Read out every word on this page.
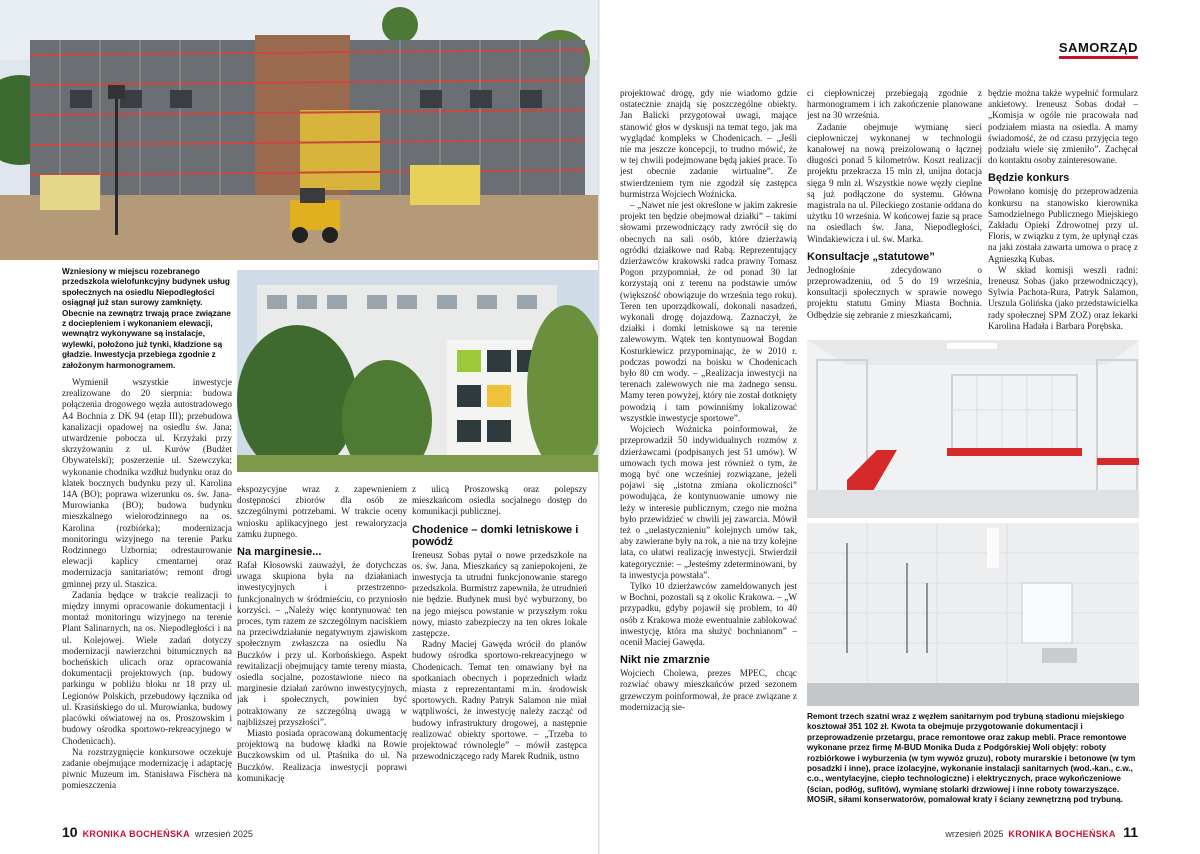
Wzniesiony w miejscu rozebranego przedszkola wielofunkcyjny budynek usług społecznych na osiedlu Niepodległości osiągnął już stan surowy zamknięty. Obecnie na zewnątrz trwają prace związane z dociepleniem i wykonaniem elewacji, wewnątrz wykonywane są instalacje, wylewki, położono już tynki, kładzione są gładzie. Inwestycja przebiega zgodnie z założonym harmonogramem.

Wymienił wszystkie inwestycje zrealizowane do 20 sierpnia: budowa połączenia drogowego węzła autostradowego A4 Bochnia z DK 94 (etap III); przebudowa kanalizacji opadowej na osiedlu św. Jana; utwardzenie pobocza ul. Krzyżaki przy skrzyżowaniu z ul. Kurów (Budżet Obywatelski); poszerzenie ul. Szewczyka; wykonanie chodnika wzdłuż budynku oraz do klatek bocznych budynku przy ul. Karolina 14A (BO); poprawa wizerunku os. św. Jana-Murowianka (BO); budowa budynku mieszkalnego wielorodzinnego na os. Karolina (rozbiórka); modernizacja monitoringu wizyjnego na terenie Parku Rodzinnego Uzbornia; odrestaurowanie elewacji kaplicy cmentarnej oraz modernizacja sanitariatów; remont drogi gminnej przy ul. Staszica.

Zadania będące w trakcie realizacji to między innymi opracowanie dokumentacji i montaż monitoringu wizyjnego na terenie Plant Salinarnych, na os. Niepodległości i na ul. Kolejowej. Wiele zadań dotyczy modernizacji nawierzchni bitumicznych na bocheńskich ulicach oraz opracowania dokumentacji projektowych (np. budowy parkingu w pobliżu bloku nr 18 przy ul. Legionów Polskich, przebudowy łącznika od ul. Krasińskiego do ul. Murowianka, budowy placówki oświatowej na os. Proszowskim i budowy ośrodka sportowo-rekreacyjnego w Chodenicach).

Na rozstrzygnięcie konkursowe oczekuje zadanie obejmujące modernizację i adaptację piwnic Muzeum im. Stanisława Fischera na pomieszczenia

ekspozycyjne wraz z zapewnieniem dostępności zbiorów dla osób ze szczególnymi potrzebami. W trakcie oceny wniosku aplikacyjnego jest rewaloryzacja zamku żupnego.

Na marginesie...

Rafał Kłosowski zauważył, że dotychczas uwaga skupiona była na działaniach inwestycyjnych i przestrzenno-funkcjonalnych w śródmieściu, co przyniosło korzyści. – „Należy więc kontynuować ten proces, tym razem ze szczególnym naciskiem na przeciwdziałanie negatywnym zjawiskom społecznym zwłaszcza na osiedlu Na Buczków i przy ul. Korbońskiego. Aspekt rewitalizacji obejmujący tamte tereny miasta, osiedla socjalne, pozostawione nieco na marginesie działań zarówno inwestycyjnych, jak i społecznych, powinien być potraktowany ze szczególną uwagą w najbliższej przyszłości”.

Miasto posiada opracowaną dokumentację projektową na budowę kładki na Rowie Buczkowskim od ul. Ptaśnika do ul. Na Buczków. Realizacja inwestycji poprawi komunikację

z ulicą Proszowską oraz polepszy mieszkańcom osiedla socjalnego dostęp do komunikacji publicznej.

Chodenice – domki letniskowe i powódź

Ireneusz Sobas pytał o nowe przedszkole na os. św. Jana. Mieszkańcy są zaniepokojeni, że inwestycja ta utrudni funkcjonowanie starego przedszkola. Burmistrz zapewniła, że utrudnień nie będzie. Budynek musi być wyburzony, bo na jego miejscu powstanie w przyszłym roku nowy, miasto zabezpieczy na ten okres lokale zastępcze.

Radny Maciej Gawęda wrócił do planów budowy ośrodka sportowo-rekreacyjnego w Chodenicach. Temat ten omawiany był na spotkaniach obecnych i poprzednich władz miasta z reprezentantami m.in. środowisk sportowych. Radny Patryk Salamon nie miał wątpliwości, że inwestycję należy zacząć od budowy infrastruktury drogowej, a następnie realizować obiekty sportowe. – „Trzeba to projektować równolegle” – mówił zastępca przewodniczącego rady Marek Rudnik, ustno

10 KRONIKA BOCHEŃSKA wrzesień 2025
SAMORZĄD

projektować drogę, gdy nie wiadomo gdzie ostatecznie znajdą się poszczególne obiekty. Jan Balicki przygotował uwagi, mające stanowić głos w dyskusji na temat tego, jak ma wyglądać kompleks w Chodenicach. – „Jeśli nie ma jeszcze koncepcji, to trudno mówić, że w tej chwili podejmowane będą jakieś prace. To jest obecnie zadanie wirtualne”. Ze stwierdzeniem tym nie zgodził się zastępca burmistrza Wojciech Woźnicka.

– „Nawet nie jest określone w jakim zakresie projekt ten będzie obejmował działki” – takimi słowami przewodniczący rady zwrócił się do obecnych na sali osób, które dzierżawią ogródki działkowe nad Rabą. Reprezentujący dzierżawców krakowski radca prawny Tomasz Pogon przypomniał, że od ponad 30 lat korzystają oni z terenu na podstawie umów (większość obowiązuje do września tego roku). Teren ten uporządkowali, dokonali nasadzeń, wykonali drogę dojazdową. Zaznaczył, że działki i domki letniskowe są na terenie zalewowym. Wątek ten kontynuował Bogdan Kosturkiewicz przypominając, że w 2010 r. podczas powodzi na boisku w Chodenicach było 80 cm wody. – „Realizacja inwestycji na terenach zalewowych nie ma żadnego sensu. Mamy teren powyżej, który nie został dotknięty powodzią i tam powinniśmy lokalizować wszystkie inwestycje sportowe”.

Wojciech Woźnicka poinformował, że przeprowadził 50 indywidualnych rozmów z dzierżawcami (podpisanych jest 51 umów). W umowach tych mowa jest również o tym, że mogą być one wcześniej rozwiązane, jeżeli pojawi się „istotna zmiana okoliczności” powodująca, że kontynuowanie umowy nie leży w interesie publicznym, czego nie można było przewidzieć w chwili jej zawarcia. Mówił też o „uelastycznieniu” kolejnych umów tak, aby zawierane były na rok, a nie na trzy kolejne lata, co ułatwi realizację inwestycji. Stwierdził kategorycznie: – „Jesteśmy zdeterminowani, by ta inwestycja powstała”.

Tylko 10 dzierżawców zameldowanych jest w Bochni, pozostali są z okolic Krakowa. – „W przypadku, gdyby pojawił się problem, to 40 osób z Krakowa może ewentualnie zablokować inwestycję, która ma służyć bochnianom” – ocenił Maciej Gawęda.

Nikt nie zmarznie

Wojciech Cholewa, prezes MPEC, chcąc rozwiać obawy mieszkańców przed sezonem grzewczym poinformował, że prace związane z modernizacją sie-

ci ciepłowniczej przebiegają zgodnie z harmonogramem i ich zakończenie planowane jest na 30 września.

Zadanie obejmuje wymianę sieci ciepłowniczej wykonanej w technologii kanałowej na nową preizolowaną o łącznej długości ponad 5 kilometrów. Koszt realizacji projektu przekracza 15 mln zł, unijna dotacja sięga 9 mln zł. Wszystkie nowe węzły cieplne są już podłączone do systemu. Główna magistrala na ul. Pileckiego zostanie oddana do użytku 10 września. W końcowej fazie są prace na osiedlach św. Jana, Niepodległości, Windakiewicza i ul. św. Marka.

Konsultacje „statutowe”

Jednogłośnie zdecydowano o przeprowadzeniu, od 5 do 19 września, konsultacji społecznych w sprawie nowego projektu statutu Gminy Miasta Bochnia. Odbędzie się zebranie z mieszkańcami,

będzie można także wypełnić formularz ankietowy. Ireneusz Sobas dodał – „Komisja w ogóle nie pracowała nad podziałem miasta na osiedla. A mamy świadomość, że od czasu przyjęcia tego podziału wiele się zmieniło”. Zachęcał do kontaktu osoby zainteresowane.

Będzie konkurs

Powołano komisję do przeprowadzenia konkursu na stanowisko kierownika Samodzielnego Publicznego Miejskiego Zakładu Opieki Zdrowotnej przy ul. Floris, w związku z tym, że upłynął czas na jaki została zawarta umowa o pracę z Agnieszką Kubas.

W skład komisji weszli radni: Ireneusz Sobas (jako przewodniczący), Sylwia Pachota-Rura, Patryk Salamon, Urszula Golińska (jako przedstawicielka rady społecznej SPM ZOZ) oraz lekarki Karolina Hadała i Barbara Porębska.

Remont trzech szatni wraz z węzłem sanitarnym pod trybuną stadionu miejskiego kosztował 351 102 zł. Kwota ta obejmuje przygotowanie dokumentacji i przeprowadzenie przetargu, prace remontowe oraz zakup mebli. Prace remontowe wykonane przez firmę M-BUD Monika Duda z Podgórskiej Woli objęły: roboty rozbiórkowe i wyburzenia (w tym wywóz gruzu), roboty murarskie i betonowe (w tym posadzki i inne), prace izolacyjne, wykonanie instalacji sanitarnych (wod.-kan., c.w., c.o., wentylacyjne, ciepło technologiczne) i elektrycznych, prace wykończeniowe (ścian, podłóg, sufitów), wymianę stolarki drzwiowej i inne roboty towarzyszące. MOSiR, siłami konserwatorów, pomalował kraty i ściany zewnętrzną pod trybuną.
wrzesień 2025 KRONIKA BOCHEŃSKA 11
